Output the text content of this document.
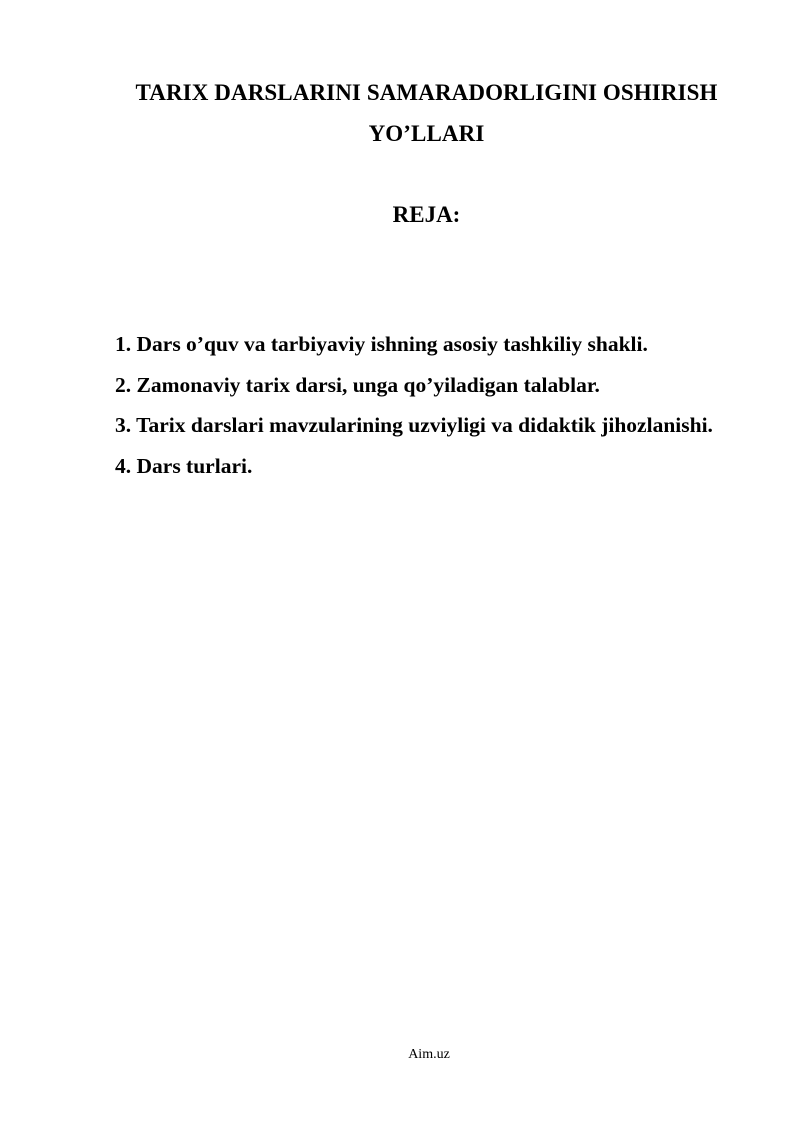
TARIX DARSLARINI SAMARADORLIGINI OSHIRISH
YO’LLARI
REJA:
1. Dars o’quv va tarbiyaviy ishning asosiy tashkiliy shakli.
2. Zamonaviy tarix darsi, unga qo’yiladigan talablar.
3. Tarix darslari mavzularining uzviyligi va didaktik jihozlanishi.
4. Dars turlari.
Aim.uz
